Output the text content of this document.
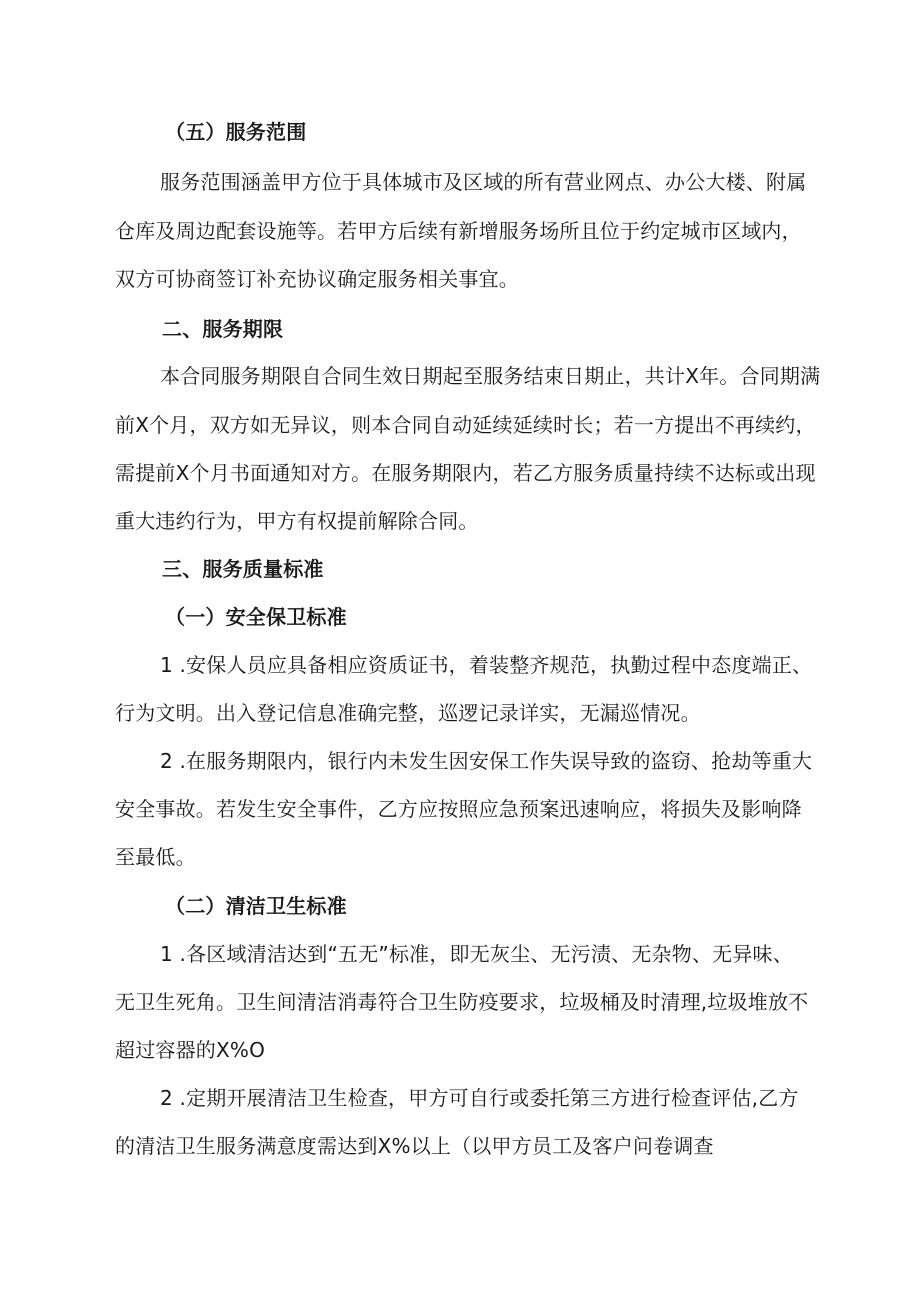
（五）服务范围
服务范围涵盖甲方位于具体城市及区域的所有营业网点、办公大楼、附属
仓库及周边配套设施等。若甲方后续有新增服务场所且位于约定城市区域内，
双方可协商签订补充协议确定服务相关事宜。
二、服务期限
本合同服务期限自合同生效日期起至服务结束日期止，共计X年。合同期满
前X个月，双方如无异议，则本合同自动延续延续时长；若一方提出不再续约，
需提前X个月书面通知对方。在服务期限内，若乙方服务质量持续不达标或出现
重大违约行为，甲方有权提前解除合同。
三、服务质量标准
（一）安全保卫标准
1 .安保人员应具备相应资质证书，着装整齐规范，执勤过程中态度端正、
行为文明。出入登记信息准确完整，巡逻记录详实，无漏巡情况。
2 .在服务期限内，银行内未发生因安保工作失误导致的盗窃、抢劫等重大
安全事故。若发生安全事件，乙方应按照应急预案迅速响应，将损失及影响降
至最低。
（二）清洁卫生标准
1 .各区域清洁达到“五无”标准，即无灰尘、无污渍、无杂物、无异味、
无卫生死角。卫生间清洁消毒符合卫生防疫要求，垃圾桶及时清理,垃圾堆放不
超过容器的X%O
2 .定期开展清洁卫生检查，甲方可自行或委托第三方进行检查评估,乙方
的清洁卫生服务满意度需达到X%以上（以甲方员工及客户问卷调查
